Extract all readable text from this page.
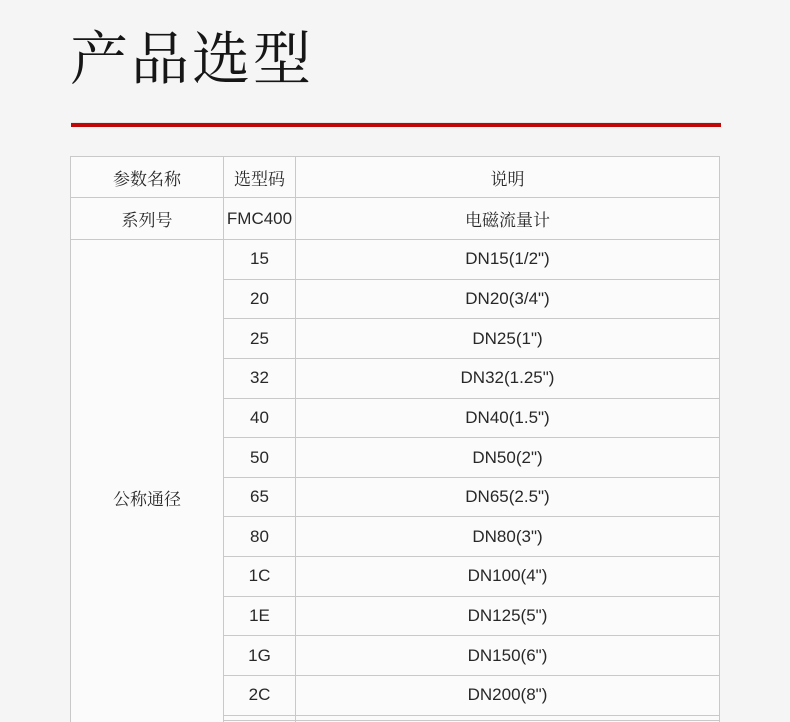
产品选型
参数名称	选型码	说明
系列号	FMC400	电磁流量计
公称通径	15	DN15(1/2")
	20	DN20(3/4")
	25	DN25(1")
	32	DN32(1.25")
	40	DN40(1.5")
	50	DN50(2")
	65	DN65(2.5")
	80	DN80(3")
	1C	DN100(4")
	1E	DN125(5")
	1G	DN150(6")
	2C	DN200(8")
